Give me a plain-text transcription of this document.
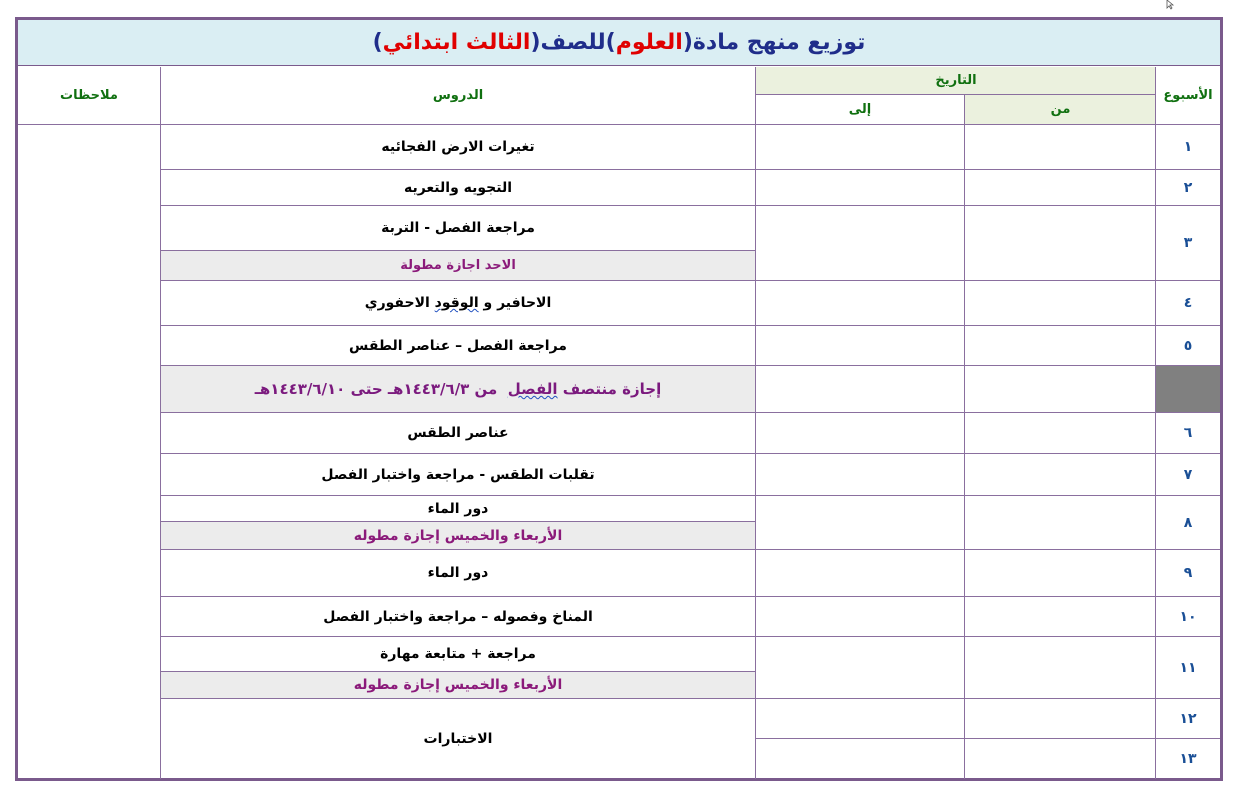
توزيع منهج مادة
(
العلوم
)
للصف
(
الثالث ابتدائي
)
الأسبوع
التاريخ
من
إلى
الدروس
ملاحظات
١
٢
٣
٤
٥
٦
٧
٨
٩
١٠
١١
١٢
١٣
تغيرات الارض الفجائيه
التجويه والتعريه
مراجعة الفصل - التربة
الاحد اجازة مطولة
الاحافير و
الوقود
الاحفوري
مراجعة الفصل – عناصر الطقس
إجازة منتصف
الفصل
من ١٤٤٣/٦/٣هـ حتى ١٤٤٣/٦/١٠هـ
عناصر الطقس
تقلبات الطقس - مراجعة واختبار الفصل
دور الماء
الأربعاء والخميس إجازة مطوله
دور الماء
المناخ وفصوله – مراجعة واختبار الفصل
مراجعة + متابعة مهارة
الأربعاء والخميس إجازة مطوله
الاختبارات
